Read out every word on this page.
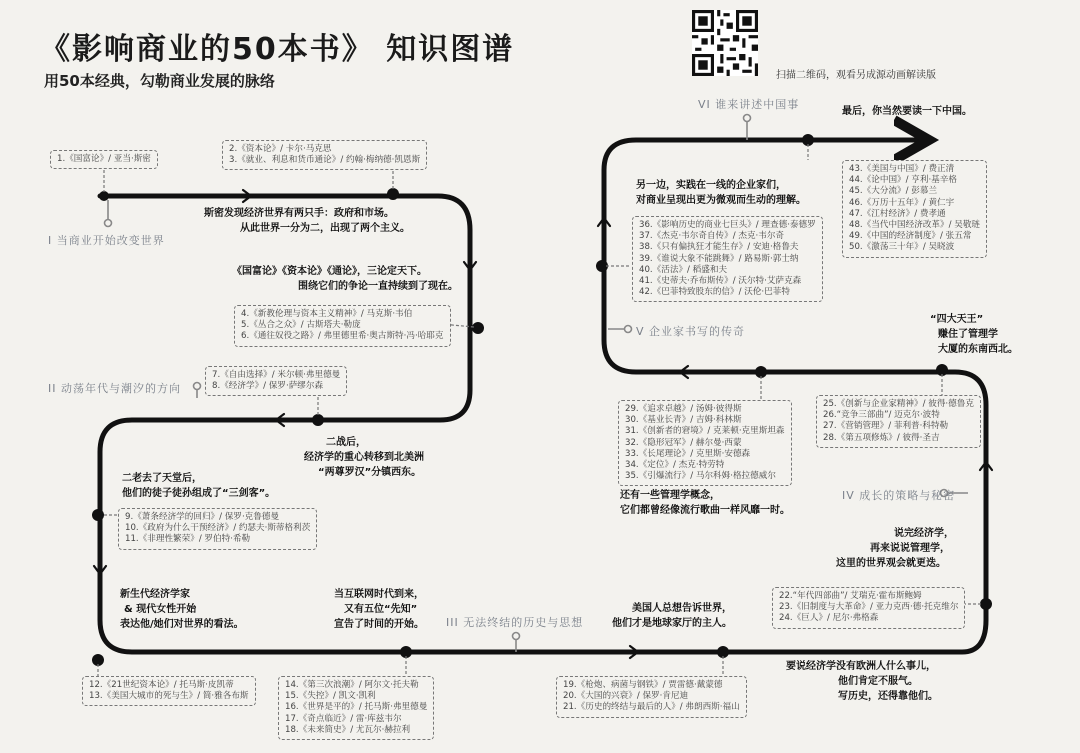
《影响商业的50本书》 知识图谱
用50本经典，勾勒商业发展的脉络	扫描二维码，观看另成源动画解读版
I 当商业开始改变世界
II 动荡年代与潮汐的方向
III 无法终结的历史与思想
IV 成长的策略与秘密
V 企业家书写的传奇
VI 谁来讲述中国事
斯密发现经济世界有两只手：政府和市场。
从此世界一分为二，出现了两个主义。
《国富论》《资本论》《通论》，三论定天下。
围绕它们的争论一直持续到了现在。
二战后，
经济学的重心转移到北美洲
“两尊罗汉”分镇西东。
二老去了天堂后，
他们的徒子徒孙组成了“三剑客”。
新生代经济学家
& 现代女性开始
表达他/她们对世界的看法。
当互联网时代到来，
又有五位“先知”
宣告了时间的开始。
美国人总想告诉世界，
他们才是地球家厅的主人。
要说经济学没有欧洲人什么事儿，
他们肯定不服气。
写历史，还得靠他们。
说完经济学，
再来说说管理学，
这里的世界观会就更迭。
还有一些管理学概念，
它们都曾经像流行歌曲一样风靡一时。
“四大天王”
赚住了管理学
大厦的东南西北。
另一边，实践在一线的企业家们，
对商业呈现出更为微观而生动的理解。
最后，你当然要读一下中国。
1.《国富论》/ 亚当·斯密
2.《资本论》/ 卡尔·马克思
3.《就业、利息和货币通论》/ 约翰·梅纳德·凯恩斯
4.《新教伦理与资本主义精神》/ 马克斯·韦伯
5.《丛合之众》/ 古斯塔夫·勒庞
6.《通往奴役之路》/ 弗里德里希·奥古斯特·冯·哈耶克
7.《自由选择》/ 米尔顿·弗里德曼
8.《经济学》/ 保罗·萨缪尔森
9.《萧条经济学的回归》/ 保罗·克鲁德曼
10.《政府为什么干预经济》/ 约瑟夫·斯蒂格利茨
11.《非理性繁荣》/ 罗伯特·希勒
12.《21世纪资本论》/ 托马斯·皮凯蒂
13.《美国大城市的死与生》/ 简·雅各布斯
14.《第三次浪潮》/ 阿尔文·托夫勒
15.《失控》/ 凯文·凯利
16.《世界是平的》/ 托马斯·弗里德曼
17.《奇点临近》/ 雷·库兹韦尔
18.《未来简史》/ 尤瓦尔·赫拉利
19.《枪炮、病菌与钢铁》/ 贾雷德·戴蒙德
20.《大国的兴衰》/ 保罗·肯尼迪
21.《历史的终结与最后的人》/ 弗朗西斯·福山
22.“年代四部曲”/ 艾瑞克·霍布斯鲍姆
23.《旧制度与大革命》/ 亚力克西·德·托克维尔
24.《巨人》/ 尼尔·弗格森
25.《创新与企业家精神》/ 彼得·德鲁克
26.“竞争三部曲”/ 迈克尔·波特
27.《营销管理》/ 菲利普·科特勒
28.《第五项修炼》/ 彼得·圣吉
29.《追求卓越》/ 汤姆·彼得斯
30.《基业长青》/ 吉姆·科林斯
31.《创新者的窘境》/ 克莱顿·克里斯坦森
32.《隐形冠军》/ 赫尔曼·西蒙
33.《长尾理论》/ 克里斯·安德森
34.《定位》/ 杰克·特劳特
35.《引爆流行》/ 马尔科姆·格拉德威尔
36.《影响历史的商业七巨头》/ 理查德·泰德罗
37.《杰克·韦尔奇自传》/ 杰克·韦尔奇
38.《只有偏执狂才能生存》/ 安迪·格鲁夫
39.《谁说大象不能跳舞》/ 路易斯·郭士纳
40.《活法》/ 稻盛和夫
41.《史蒂夫·乔布斯传》/ 沃尔特·艾萨克森
42.《巴菲特致股东的信》/ 沃伦·巴菲特
43.《美国与中国》/ 费正清
44.《论中国》/ 亨利·基辛格
45.《大分流》/ 彭慕兰
46.《万历十五年》/ 黄仁宇
47.《江村经济》/ 费孝通
48.《当代中国经济改革》/ 吴敬琏
49.《中国的经济制度》/ 张五常
50.《激荡三十年》/ 吴晓波
